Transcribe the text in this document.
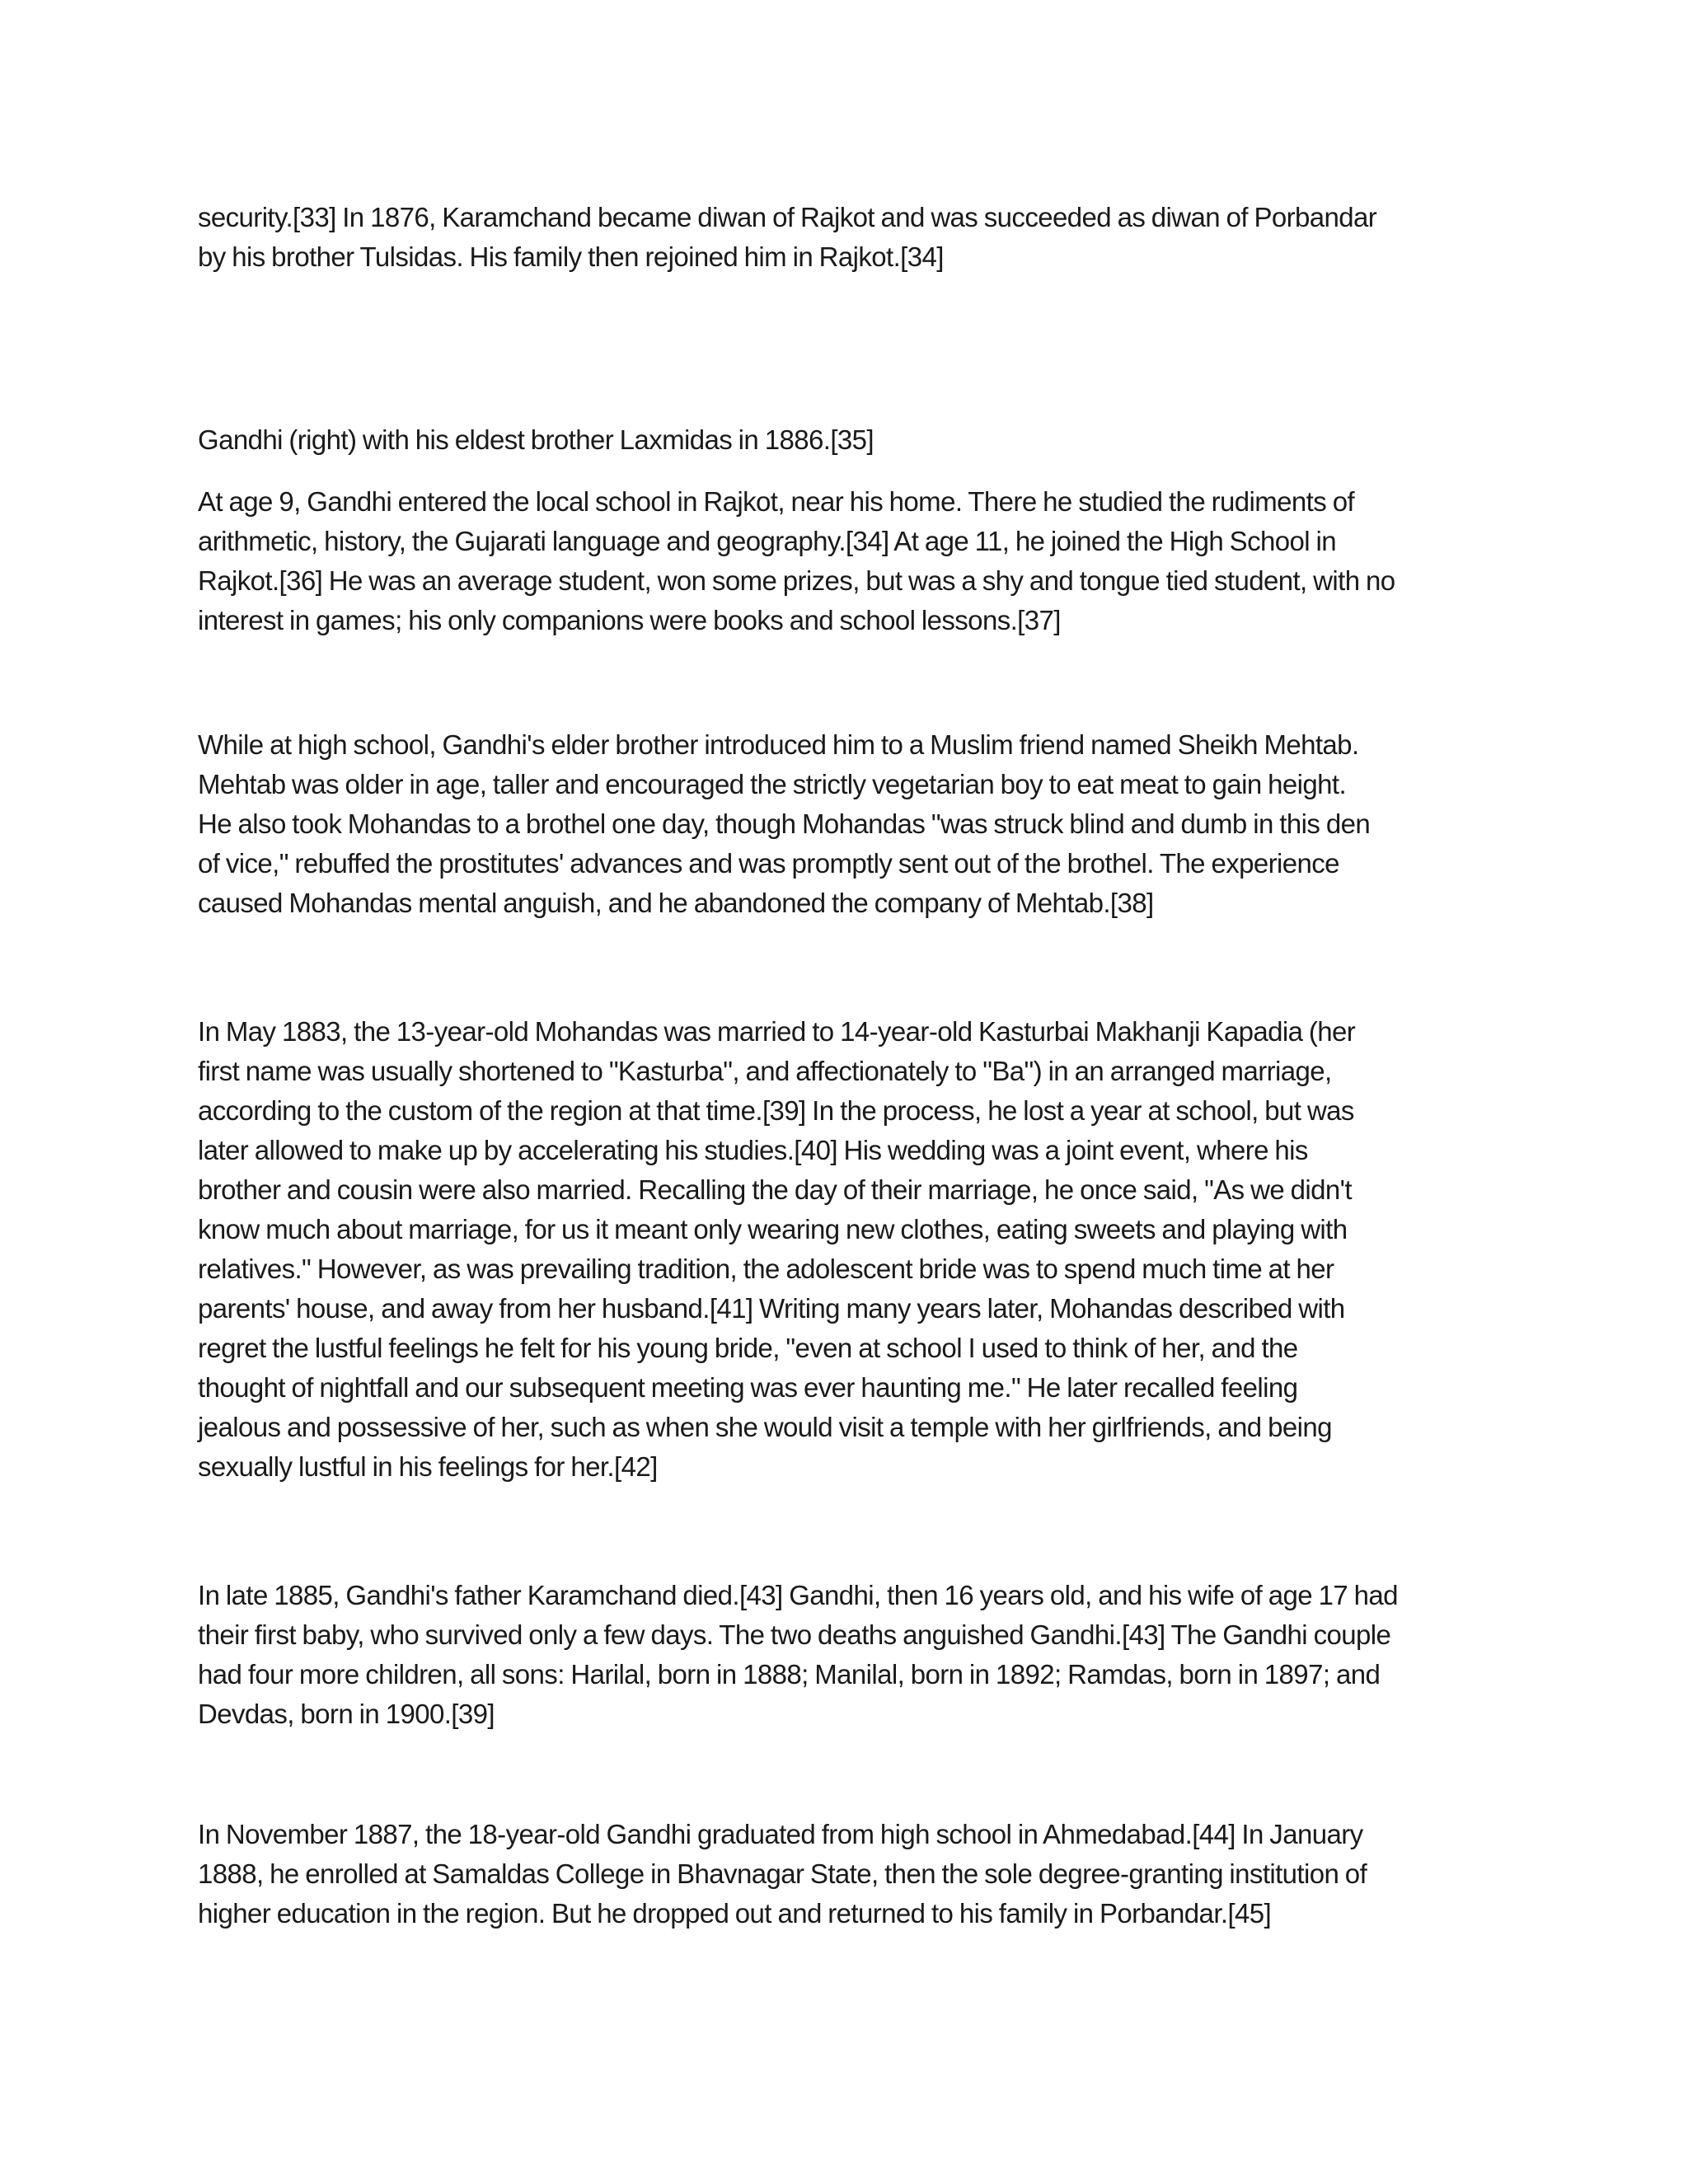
security.[33] In 1876, Karamchand became diwan of Rajkot and was succeeded as diwan of Porbandar
by his brother Tulsidas. His family then rejoined him in Rajkot.[34]

Gandhi (right) with his eldest brother Laxmidas in 1886.[35]

At age 9, Gandhi entered the local school in Rajkot, near his home. There he studied the rudiments of
arithmetic, history, the Gujarati language and geography.[34] At age 11, he joined the High School in
Rajkot.[36] He was an average student, won some prizes, but was a shy and tongue tied student, with no
interest in games; his only companions were books and school lessons.[37]

While at high school, Gandhi's elder brother introduced him to a Muslim friend named Sheikh Mehtab.
Mehtab was older in age, taller and encouraged the strictly vegetarian boy to eat meat to gain height.
He also took Mohandas to a brothel one day, though Mohandas "was struck blind and dumb in this den
of vice," rebuffed the prostitutes' advances and was promptly sent out of the brothel. The experience
caused Mohandas mental anguish, and he abandoned the company of Mehtab.[38]

In May 1883, the 13-year-old Mohandas was married to 14-year-old Kasturbai Makhanji Kapadia (her
first name was usually shortened to "Kasturba", and affectionately to "Ba") in an arranged marriage,
according to the custom of the region at that time.[39] In the process, he lost a year at school, but was
later allowed to make up by accelerating his studies.[40] His wedding was a joint event, where his
brother and cousin were also married. Recalling the day of their marriage, he once said, "As we didn't
know much about marriage, for us it meant only wearing new clothes, eating sweets and playing with
relatives." However, as was prevailing tradition, the adolescent bride was to spend much time at her
parents' house, and away from her husband.[41] Writing many years later, Mohandas described with
regret the lustful feelings he felt for his young bride, "even at school I used to think of her, and the
thought of nightfall and our subsequent meeting was ever haunting me." He later recalled feeling
jealous and possessive of her, such as when she would visit a temple with her girlfriends, and being
sexually lustful in his feelings for her.[42]

In late 1885, Gandhi's father Karamchand died.[43] Gandhi, then 16 years old, and his wife of age 17 had
their first baby, who survived only a few days. The two deaths anguished Gandhi.[43] The Gandhi couple
had four more children, all sons: Harilal, born in 1888; Manilal, born in 1892; Ramdas, born in 1897; and
Devdas, born in 1900.[39]

In November 1887, the 18-year-old Gandhi graduated from high school in Ahmedabad.[44] In January
1888, he enrolled at Samaldas College in Bhavnagar State, then the sole degree-granting institution of
higher education in the region. But he dropped out and returned to his family in Porbandar.[45]
